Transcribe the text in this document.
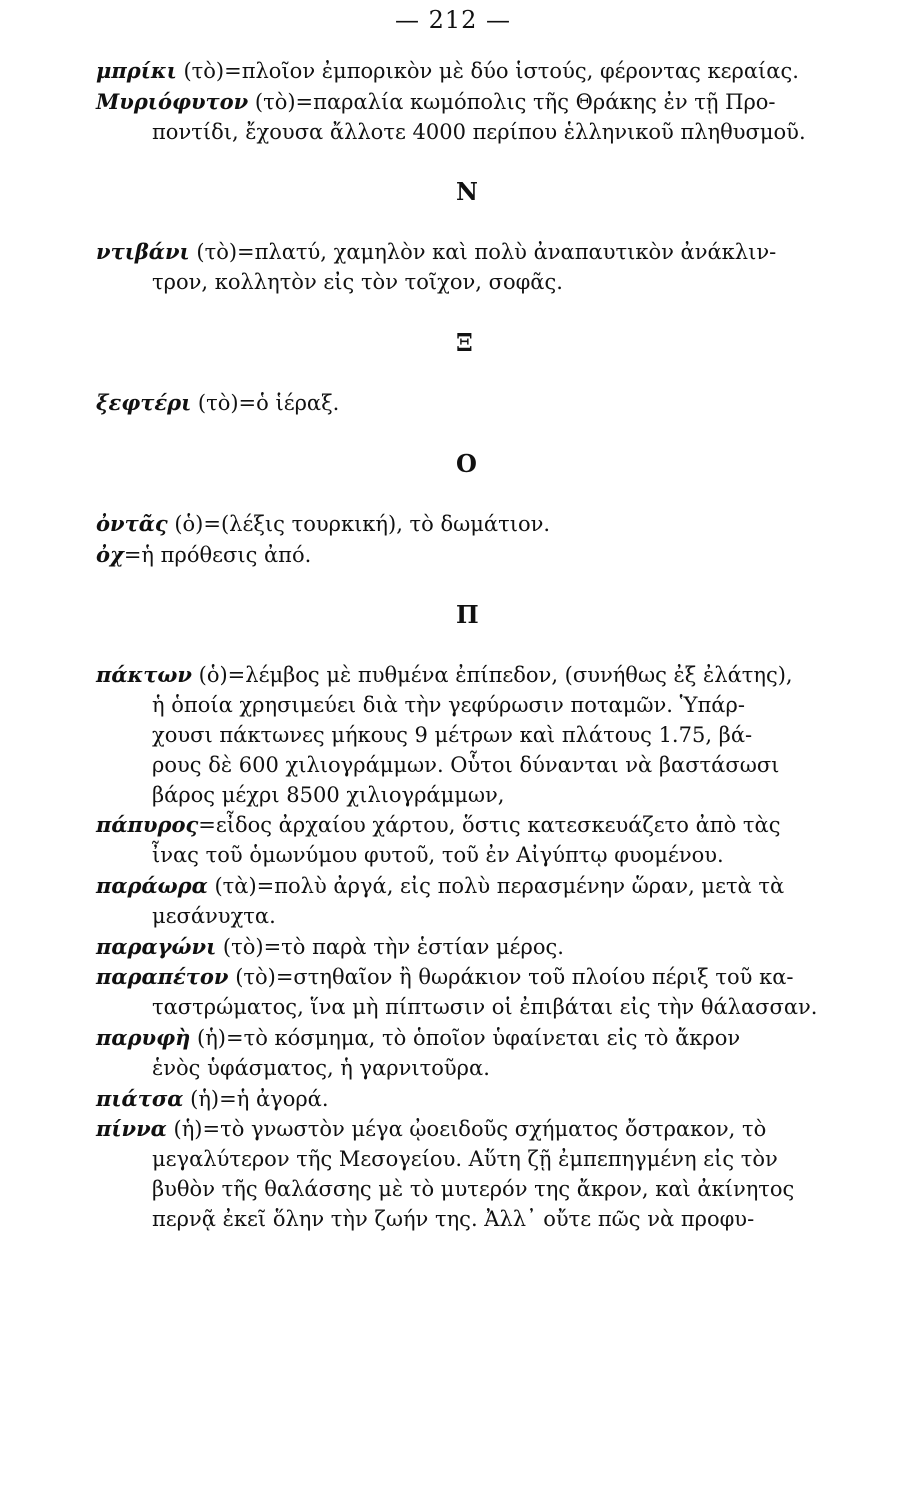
— 212 —
μπρίκι (τὸ)=πλοῖον ἐμπορικὸν μὲ δύο ἱστούς, φέροντας κεραίας.
Μυριόφυτον (τὸ)=παραλία κωμόπολις τῆς Θράκης ἐν τῇ Προ-
ποντίδι, ἔχουσα ἄλλοτε 4000 περίπου ἑλληνικοῦ πληθυσμοῦ.
Ν
ντιβάνι (τὸ)=πλατύ, χαμηλὸν καὶ πολὺ ἀναπαυτικὸν ἀνάκλιν-
τρον, κολλητὸν εἰς τὸν τοῖχον, σοφᾶς.
Ξ
ξεφτέρι (τὸ)=ὁ ἱέραξ.
Ο
ὀντᾶς (ὁ)=(λέξις τουρκική), τὸ δωμάτιον.
ὀχ=ἡ πρόθεσις ἀπό.
Π
πάκτων (ὁ)=λέμβος μὲ πυθμένα ἐπίπεδον, (συνήθως ἐξ ἐλάτης),
ἡ ὁποία χρησιμεύει διὰ τὴν γεφύρωσιν ποταμῶν. Ὑπάρ-
χουσι πάκτωνες μήκους 9 μέτρων καὶ πλάτους 1.75, βά-
ρους δὲ 600 χιλιογράμμων. Οὗτοι δύνανται νὰ βαστάσωσι
βάρος μέχρι 8500 χιλιογράμμων,
πάπυρος=εἶδος ἀρχαίου χάρτου, ὅστις κατεσκευάζετο ἀπὸ τὰς
ἶνας τοῦ ὁμωνύμου φυτοῦ, τοῦ ἐν Αἰγύπτῳ φυομένου.
παράωρα (τὰ)=πολὺ ἀργά, εἰς πολὺ περασμένην ὥραν, μετὰ τὰ
μεσάνυχτα.
παραγώνι (τὸ)=τὸ παρὰ τὴν ἑστίαν μέρος.
παραπέτον (τὸ)=στηθαῖον ἢ θωράκιον τοῦ πλοίου πέριξ τοῦ κα-
ταστρώματος, ἵνα μὴ πίπτωσιν οἱ ἐπιβάται εἰς τὴν θάλασσαν.
παρυφὴ (ἡ)=τὸ κόσμημα, τὸ ὁποῖον ὑφαίνεται εἰς τὸ ἄκρον
ἑνὸς ὑφάσματος, ἡ γαρνιτοῦρα.
πιάτσα (ἡ)=ἡ ἀγορά.
πίννα (ἡ)=τὸ γνωστὸν μέγα ᾠοειδοῦς σχήματος ὄστρακον, τὸ
μεγαλύτερον τῆς Μεσογείου. Αὕτη ζῇ ἐμπεπηγμένη εἰς τὸν
βυθὸν τῆς θαλάσσης μὲ τὸ μυτερόν της ἄκρον, καὶ ἀκίνητος
περνᾷ ἐκεῖ ὅλην τὴν ζωήν της. Ἀλλ᾽ οὔτε πῶς νὰ προφυ-
